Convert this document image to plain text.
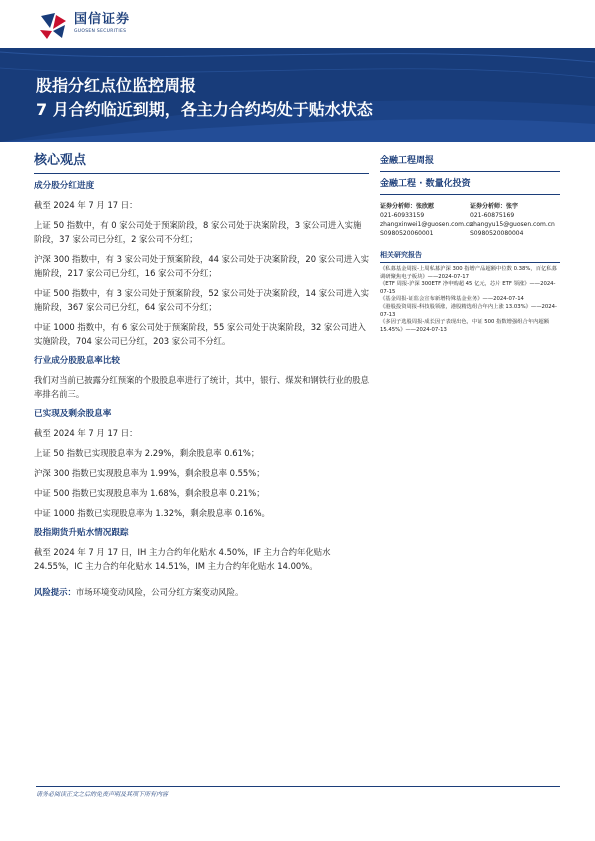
国信证券
GUOSEN SECURITIES
股指分红点位监控周报
7 月合约临近到期，各主力合约均处于贴水状态
核心观点
成分股分红进度
截至 2024 年 7 月 17 日：
上证 50 指数中，有 0 家公司处于预案阶段，8 家公司处于决案阶段，3 家公司进入实施阶段，37 家公司已分红，2 家公司不分红；
沪深 300 指数中，有 3 家公司处于预案阶段，44 家公司处于决案阶段，20 家公司进入实施阶段，217 家公司已分红，16 家公司不分红；
中证 500 指数中，有 3 家公司处于预案阶段，52 家公司处于决案阶段，14 家公司进入实施阶段，367 家公司已分红，64 家公司不分红；
中证 1000 指数中，有 6 家公司处于预案阶段，55 家公司处于决案阶段，32 家公司进入实施阶段，704 家公司已分红，203 家公司不分红。
行业成分股股息率比较
我们对当前已披露分红预案的个股股息率进行了统计，其中，银行、煤炭和钢铁行业的股息率排名前三。
已实现及剩余股息率
截至 2024 年 7 月 17 日：
上证 50 指数已实现股息率为 2.29%，剩余股息率 0.61%；
沪深 300 指数已实现股息率为 1.99%，剩余股息率 0.55%；
中证 500 指数已实现股息率为 1.68%，剩余股息率 0.21%；
中证 1000 指数已实现股息率为 1.32%，剩余股息率 0.16%。
股指期货升贴水情况跟踪
截至 2024 年 7 月 17 日，IH 主力合约年化贴水 4.50%，IF 主力合约年化贴水 24.55%，IC 主力合约年化贴水 14.51%，IM 主力合约年化贴水 14.00%。
风险提示：市场环境变动风险，公司分红方案变动风险。
金融工程周报
金融工程 · 数量化投资
证券分析师：张欣慰	证券分析师：张宇
021-60933159	021-60875169
zhangxinwei1@guosen.com.cn
zhangyu15@guosen.com.cn
S0980520060001	S0980520080004
相关研究报告
《私募基金周报-上周私募沪深 300 指增产品超额中位数 0.38%，百亿私募调研聚焦电子板块》——2024-07-17
《ETF 周报-沪深 300ETF 净申购超 45 亿元，芯片 ETF 领涨》——2024-07-15
《基金周报-证监会宣布新增特殊基金业务》——2024-07-14
《港股投资周报-科技股领涨，港股精选组合年内上涨 13.03%》——2024-07-13
《多因子选股周报-成长因子表现出色，中证 500 指数增强组合年内超额 15.45%》——2024-07-13
请务必阅读正文之后的免责声明及其项下所有内容
